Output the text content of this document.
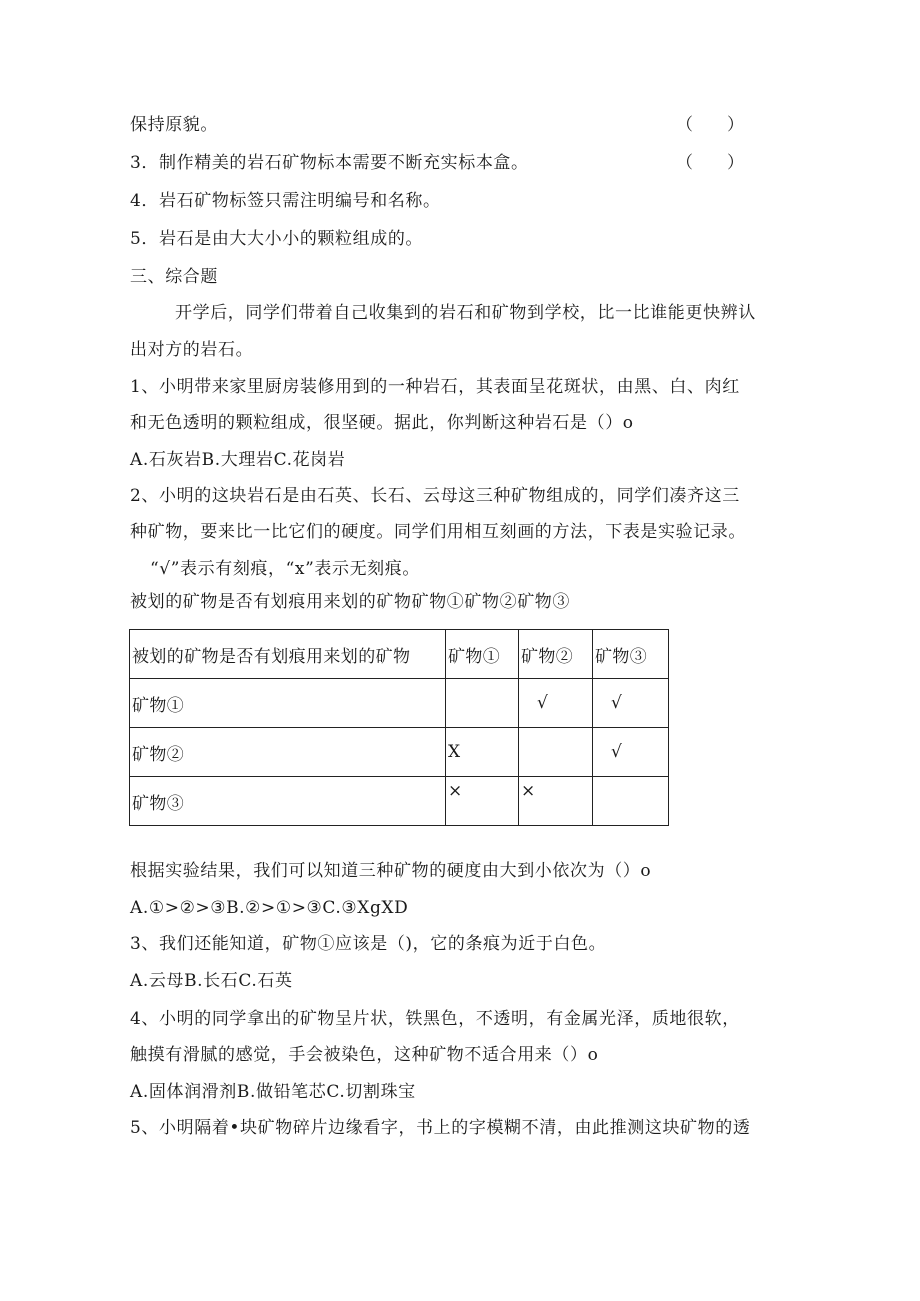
保持原貌。	（　　）
3．制作精美的岩石矿物标本需要不断充实标本盒。	（　　）
4．岩石矿物标签只需注明编号和名称。
5．岩石是由大大小小的颗粒组成的。
三、综合题
开学后，同学们带着自己收集到的岩石和矿物到学校，比一比谁能更快辨认
出对方的岩石。
1、小明带来家里厨房装修用到的一种岩石，其表面呈花斑状，由黑、白、肉红
和无色透明的颗粒组成，很坚硬。据此，你判断这种岩石是（）o
A.石灰岩B.大理岩C.花岗岩
2、小明的这块岩石是由石英、长石、云母这三种矿物组成的，同学们凑齐这三
种矿物，要来比一比它们的硬度。同学们用相互刻画的方法，下表是实验记录。
“√”表示有刻痕，“x”表示无刻痕。
被划的矿物是否有划痕用来划的矿物矿物①矿物②矿物③
被划的矿物是否有划痕用来划的矿物	矿物①	矿物②	矿物③
矿物①		√	√
矿物②	X		√
矿物③	×	×	
根据实验结果，我们可以知道三种矿物的硬度由大到小依次为（）o
A.①>②>③B.②>①>③C.③XgXD
3、我们还能知道，矿物①应该是（)，它的条痕为近于白色。
A.云母B.长石C.石英
4、小明的同学拿出的矿物呈片状，铁黑色，不透明，有金属光泽，质地很软，
触摸有滑腻的感觉，手会被染色，这种矿物不适合用来（）o
A.固体润滑剂B.做铅笔芯C.切割珠宝
5、小明隔着•块矿物碎片边缘看字，书上的字模糊不清，由此推测这块矿物的透
